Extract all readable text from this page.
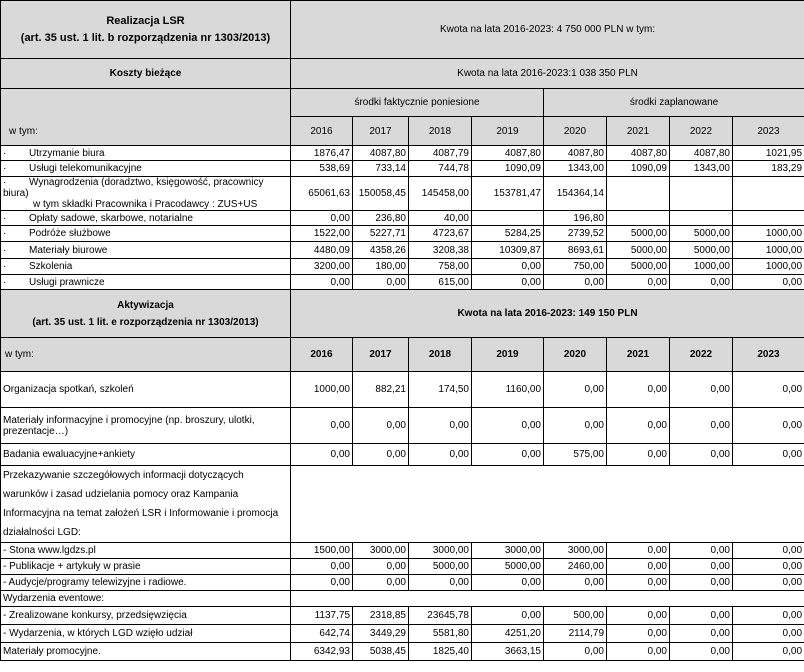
Realizacja LSR
(art. 35 ust. 1 lit. b rozporządzenia nr 1303/2013)	Kwota na lata 2016-2023: 4 750 000 PLN w tym:							
Koszty bieżące	Kwota na lata 2016-2023:1 038 350 PLN							
w tym:	środki faktycznie poniesione				środki zaplanowane			
	2016	2017	2018	2019	2020	2021	2022	2023
· Utrzymanie biura	1876,47	4087,80	4087,79	4087,80	4087,80	4087,80	4087,80	1021,95
· Usługi telekomunikacyjne	538,69	733,14	744,78	1090,09	1343,00	1090,09	1343,00	183,29
· Wynagrodzenia (doradztwo, księgowość, pracownicy biura)
w tym składki Pracownika i Pracodawcy : ZUS+US	65061,63	150058,45	145458,00	153781,47	154364,14			
· Opłaty sadowe, skarbowe, notarialne	0,00	236,80	40,00		196,80			
· Podróże służbowe	1522,00	5227,71	4723,67	5284,25	2739,52	5000,00	5000,00	1000,00
· Materiały biurowe	4480,09	4358,26	3208,38	10309,87	8693,61	5000,00	5000,00	1000,00
· Szkolenia	3200,00	180,00	758,00	0,00	750,00	5000,00	1000,00	1000,00
· Usługi prawnicze	0,00	0,00	615,00	0,00	0,00	0,00	0,00	0,00

Aktywizacja
(art. 35 ust. 1 lit. e rozporządzenia nr 1303/2013)	Kwota na lata 2016-2023: 149 150 PLN							
w tym:	2016	2017	2018	2019	2020	2021	2022	2023
Organizacja spotkań, szkoleń	1000,00	882,21	174,50	1160,00	0,00	0,00	0,00	0,00
Materiały informacyjne i promocyjne (np. broszury, ulotki, prezentacje…)	0,00	0,00	0,00	0,00	0,00	0,00	0,00	0,00
Badania ewaluacyjne+ankiety	0,00	0,00	0,00	0,00	575,00	0,00	0,00	0,00
Przekazywanie szczegółowych informacji dotyczących warunków i zasad udzielania pomocy oraz Kampania Informacyjna na temat założeń LSR i Informowanie i promocja działalności LGD:								
- Stona www.lgdzs.pl	1500,00	3000,00	3000,00	3000,00	3000,00	0,00	0,00	0,00
- Publikacje + artykuły w prasie	0,00	0,00	5000,00	5000,00	2460,00	0,00	0,00	0,00
- Audycje/programy telewizyjne i radiowe.	0,00	0,00	0,00	0,00	0,00	0,00	0,00	0,00
Wydarzenia eventowe:								
- Zrealizowane konkursy, przedsięwzięcia	1137,75	2318,85	23645,78	0,00	500,00	0,00	0,00	0,00
- Wydarzenia, w których LGD wzięło udział	642,74	3449,29	5581,80	4251,20	2114,79	0,00	0,00	0,00
Materiały promocyjne.	6342,93	5038,45	1825,40	3663,15	0,00	0,00	0,00	0,00
